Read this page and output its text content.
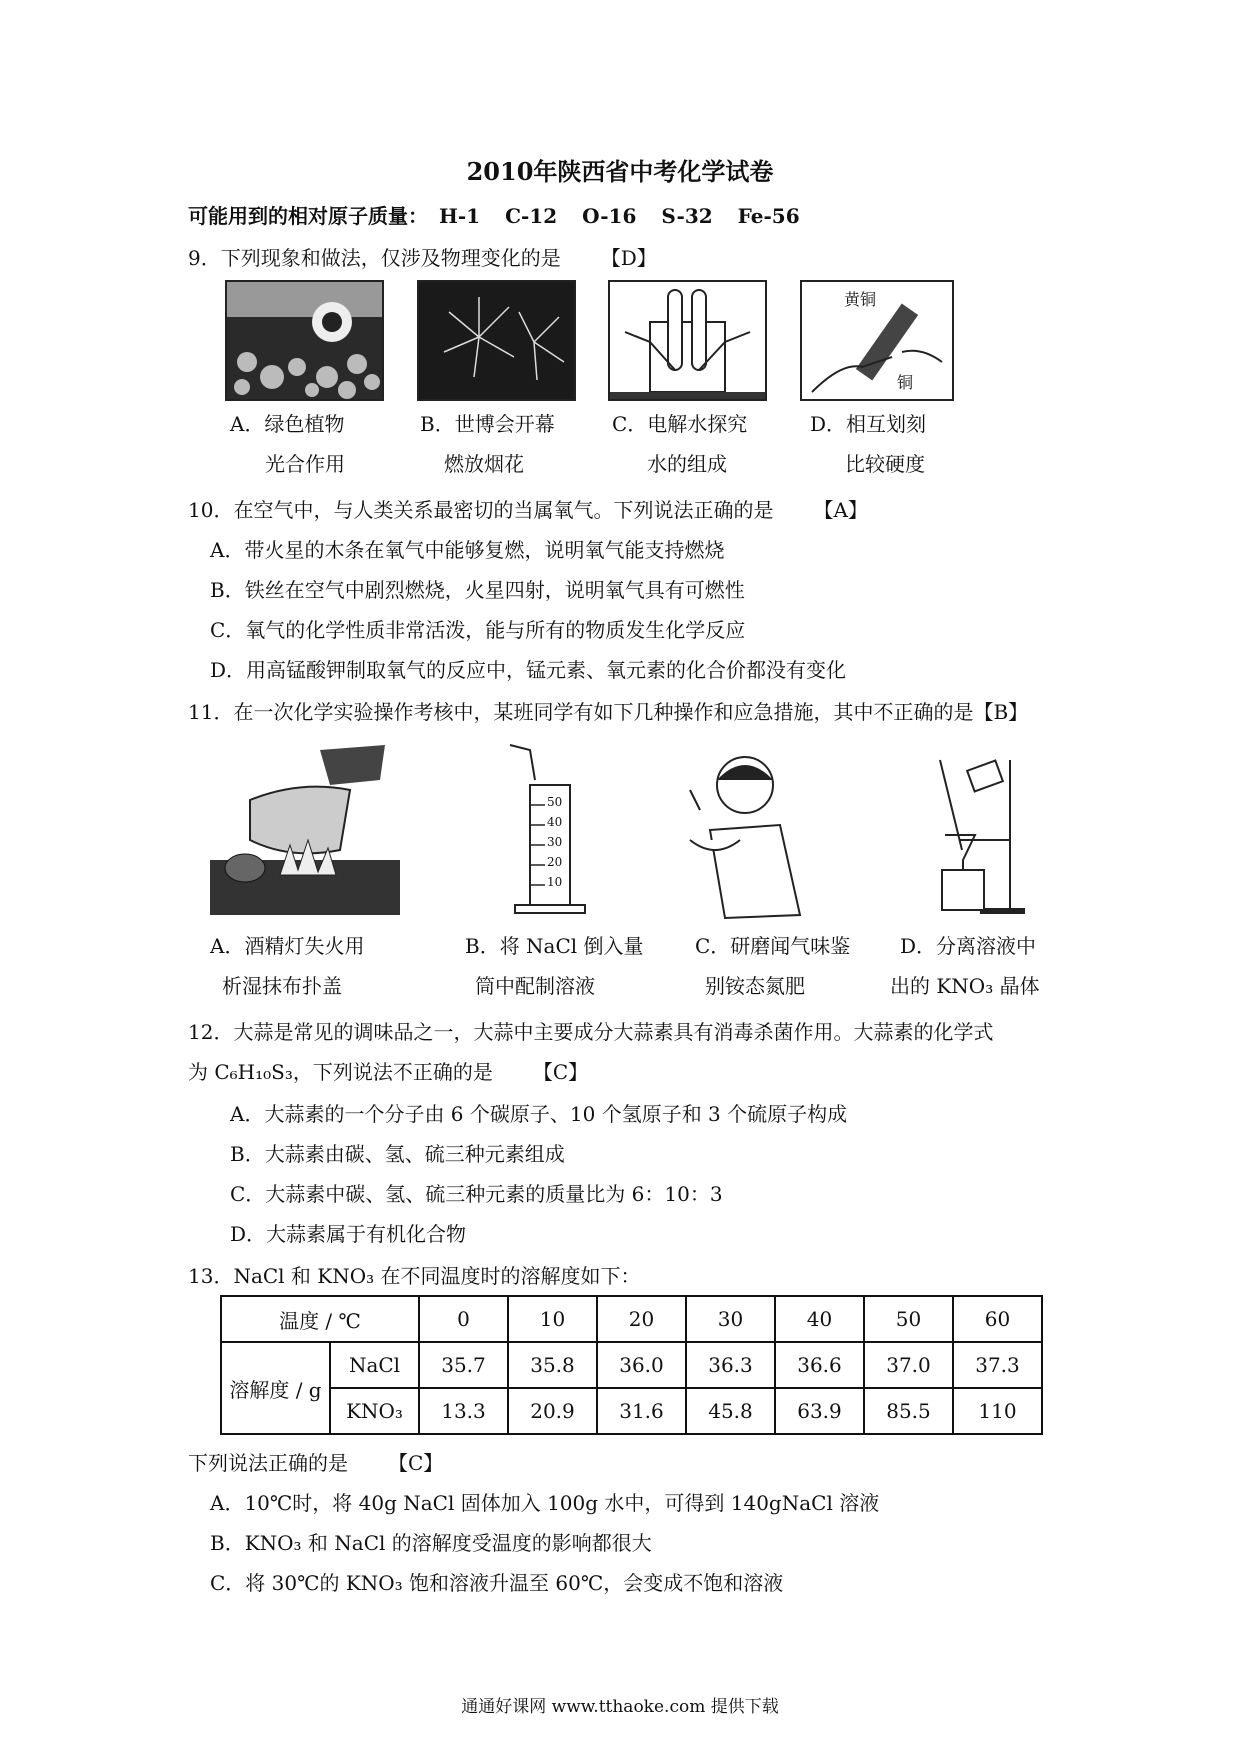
2010年陕西省中考化学试卷
可能用到的相对原子质量： H-1 C-12 O-16 S-32 Fe-56
9．下列现象和做法，仅涉及物理变化的是 【D】
黄铜
铜
A．绿色植物
光合作用
B．世博会开幕
燃放烟花
C．电解水探究
水的组成
D．相互划刻
比较硬度
10．在空气中，与人类关系最密切的当属氧气。下列说法正确的是 【A】
A．带火星的木条在氧气中能够复燃，说明氧气能支持燃烧
B．铁丝在空气中剧烈燃烧，火星四射，说明氧气具有可燃性
C．氧气的化学性质非常活泼，能与所有的物质发生化学反应
D．用高锰酸钾制取氧气的反应中，锰元素、氧元素的化合价都没有变化
11．在一次化学实验操作考核中，某班同学有如下几种操作和应急措施，其中不正确的是【B】
50
40
30
20
10
A．酒精灯失火用
析湿抹布扑盖
B．将 NaCl 倒入量
筒中配制溶液
C．研磨闻气味鉴
别铵态氮肥
D．分离溶液中
出的 KNO₃ 晶体
12．大蒜是常见的调味品之一，大蒜中主要成分大蒜素具有消毒杀菌作用。大蒜素的化学式
为 C₆H₁₀S₃，下列说法不正确的是 【C】
A．大蒜素的一个分子由 6 个碳原子、10 个氢原子和 3 个硫原子构成
B．大蒜素由碳、氢、硫三种元素组成
C．大蒜素中碳、氢、硫三种元素的质量比为 6：10：3
D．大蒜素属于有机化合物
13．NaCl 和 KNO₃ 在不同温度时的溶解度如下：
温度 / ℃		0	10	20	30	40	50	60
溶解度 / g	NaCl	35.7	35.8	36.0	36.3	36.6	37.0	37.3
	KNO₃	13.3	20.9	31.6	45.8	63.9	85.5	110
下列说法正确的是 【C】
A．10℃时，将 40g NaCl 固体加入 100g 水中，可得到 140gNaCl 溶液
B．KNO₃ 和 NaCl 的溶解度受温度的影响都很大
C．将 30℃的 KNO₃ 饱和溶液升温至 60℃，会变成不饱和溶液
通通好课网 www.tthaoke.com 提供下载
